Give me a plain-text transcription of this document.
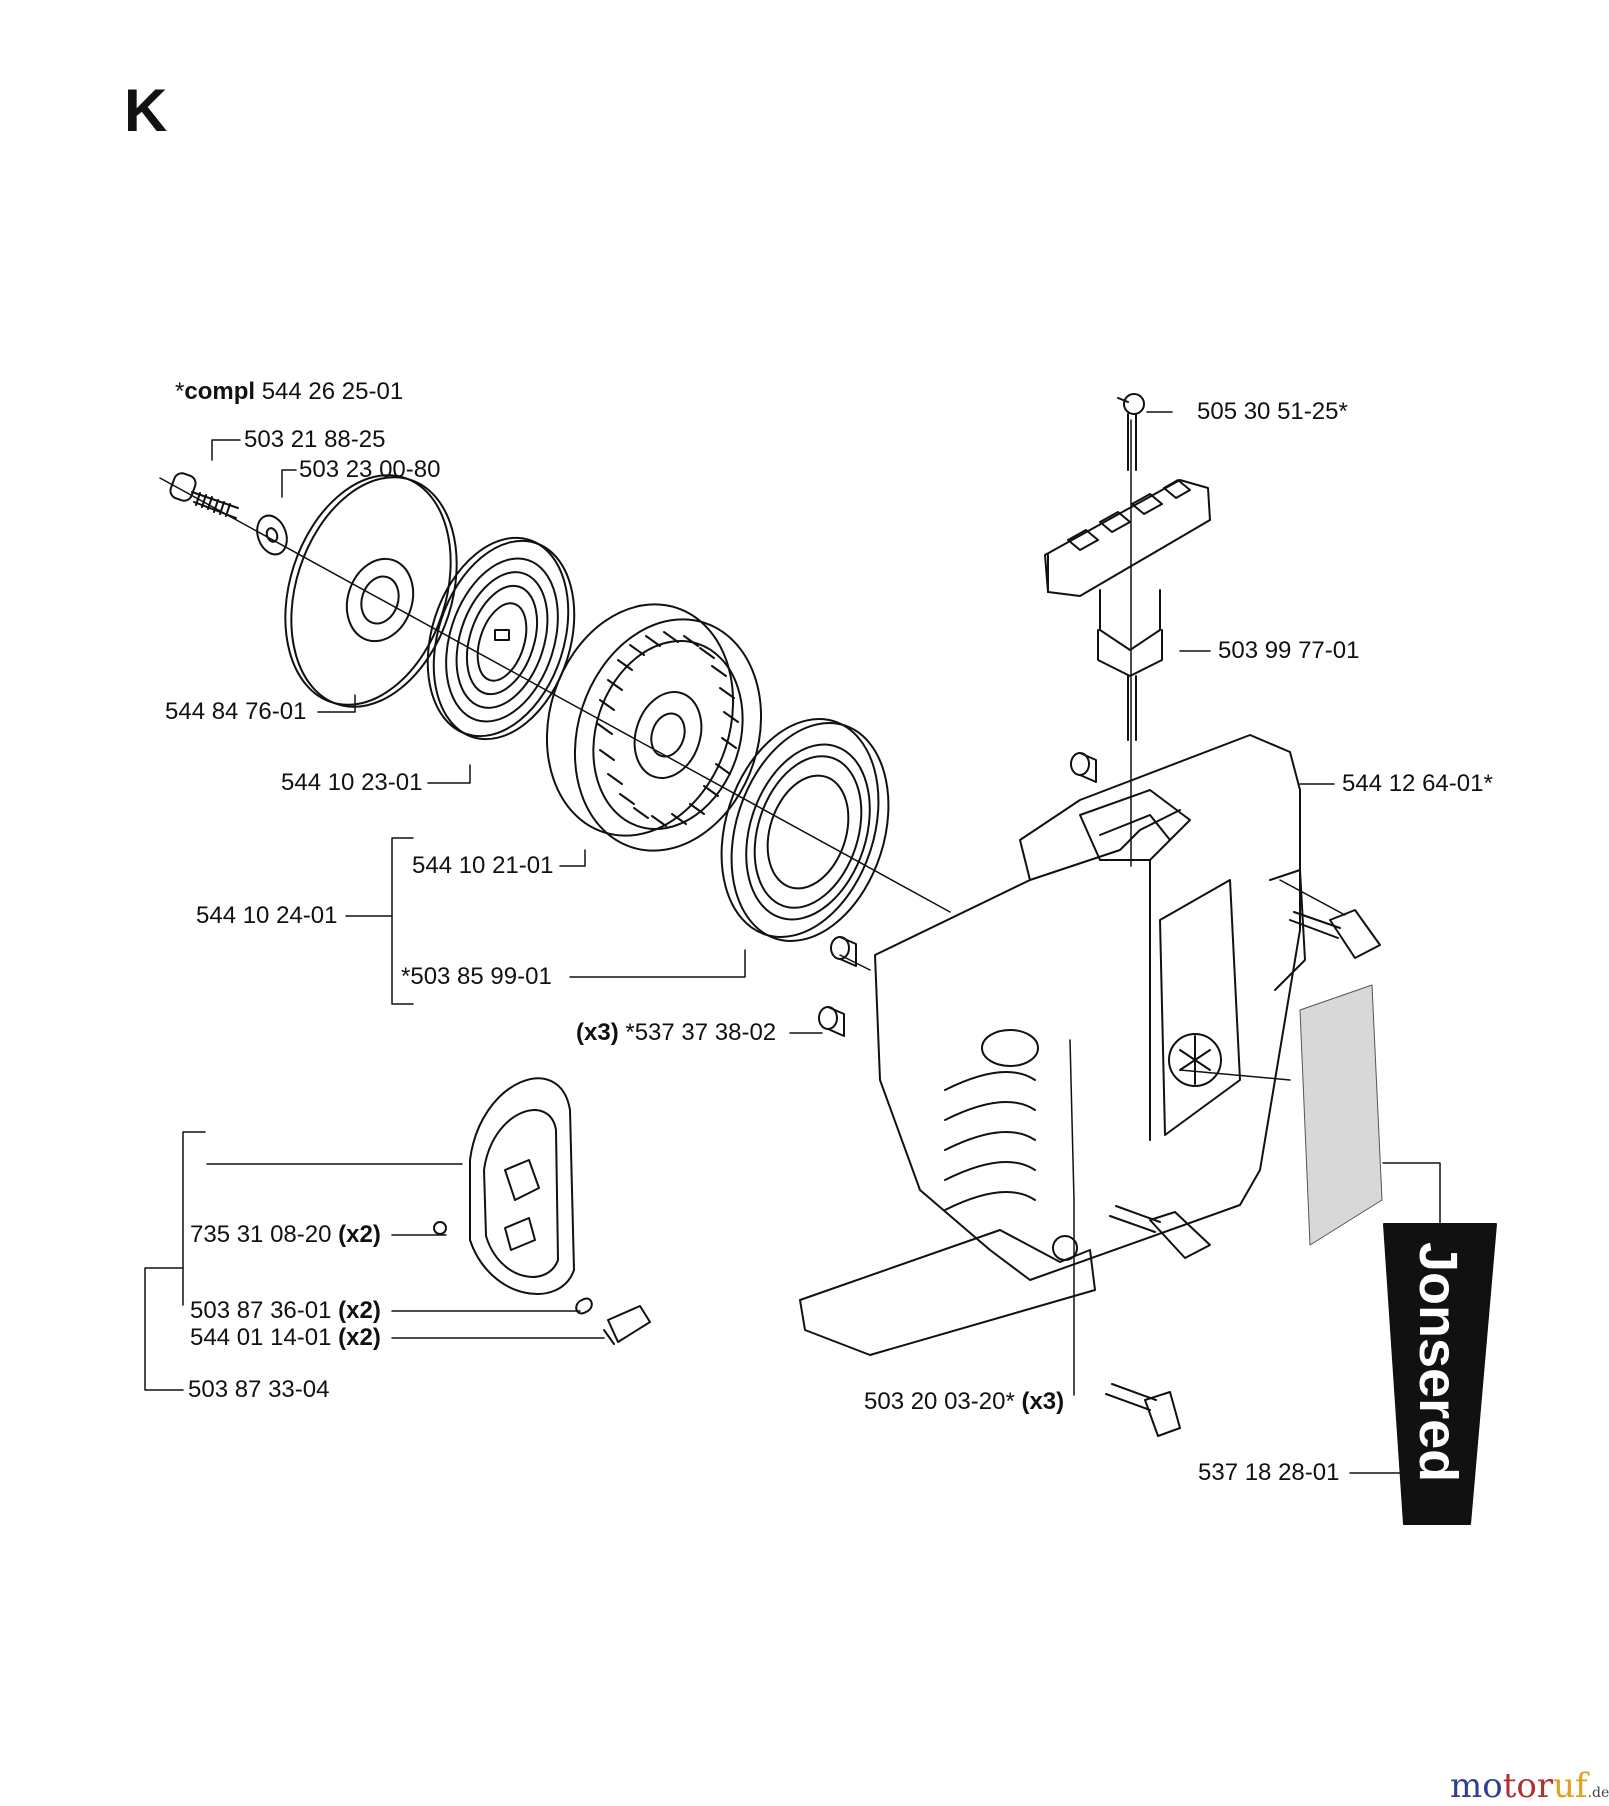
K
Jonsered
*compl 544 26 25-01
503 21 88-25
503 23 00-80
544 84 76-01
544 10 23-01
544 10 21-01
544 10 24-01
*503 85 99-01
(x3) *537 37 38-02
505 30 51-25*
503 99 77-01
544 12 64-01*
735 31 08-20 (x2)
503 87 36-01 (x2)
544 01 14-01 (x2)
503 87 33-04	503 20 03-20* (x3)
537 18 28-01
motoruf.de
